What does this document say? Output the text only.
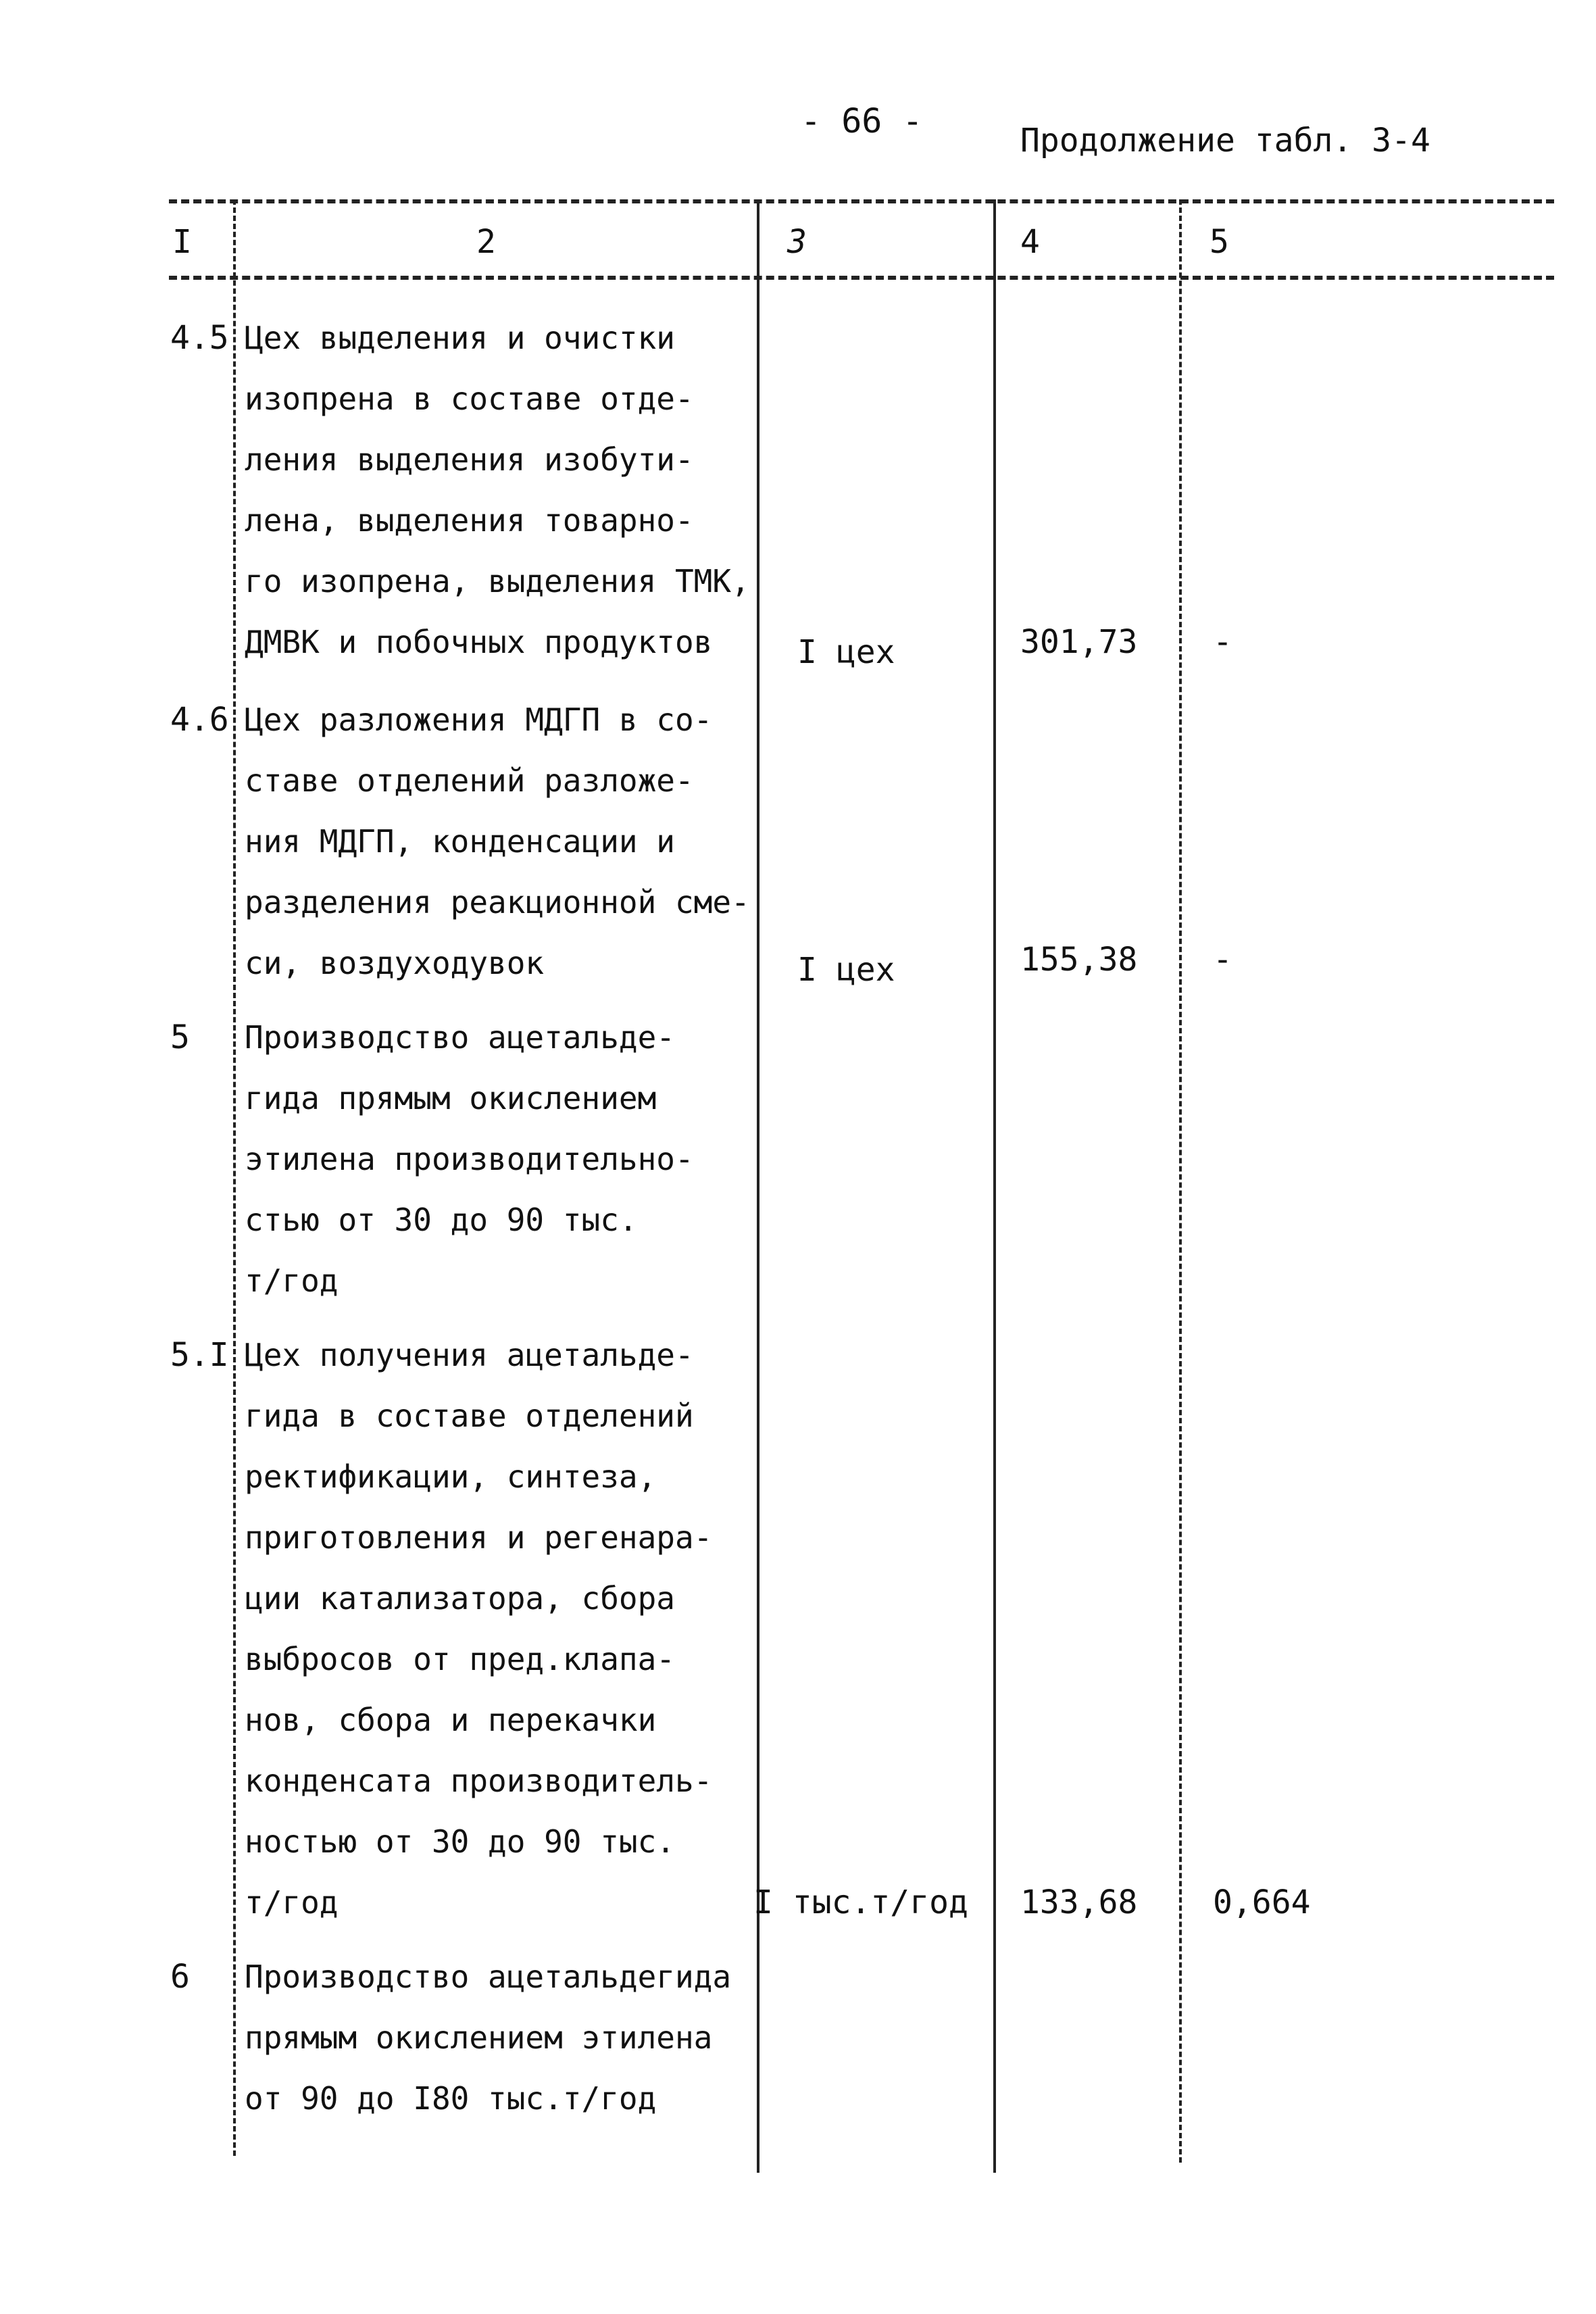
- 66 -	Продолжение табл. 3-4
I	2	3	4	5
4.5 Цех выделения и очистки
изопрена в составе отде-
ления выделения изобути-
лена, выделения товарно-
го изопрена, выделения ТМК,
ДМВК и побочных продуктов	I цех	301,73 -
4.6 Цех разложения МДГП в со-
ставе отделений разложе-
ния МДГП, конденсации и
разделения реакционной сме-
си, воздуходувок	I цех	155,38 -
5 Производство ацетальде-
гида прямым окислением
этилена производительно-
стью от 30 до 90 тыс.
т/год
5.I Цех получения ацетальде-
гида в составе отделений
ректификации, синтеза,
приготовления и регенара-
ции катализатора, сбора
выбросов от пред.клапа-
нов, сбора и перекачки
конденсата производитель-
ностью от 30 до 90 тыс.
т/год	I тыс.т/год 133,68 0,664
6 Производство ацетальдегида
прямым окислением этилена
от 90 до I80 тыс.т/год
